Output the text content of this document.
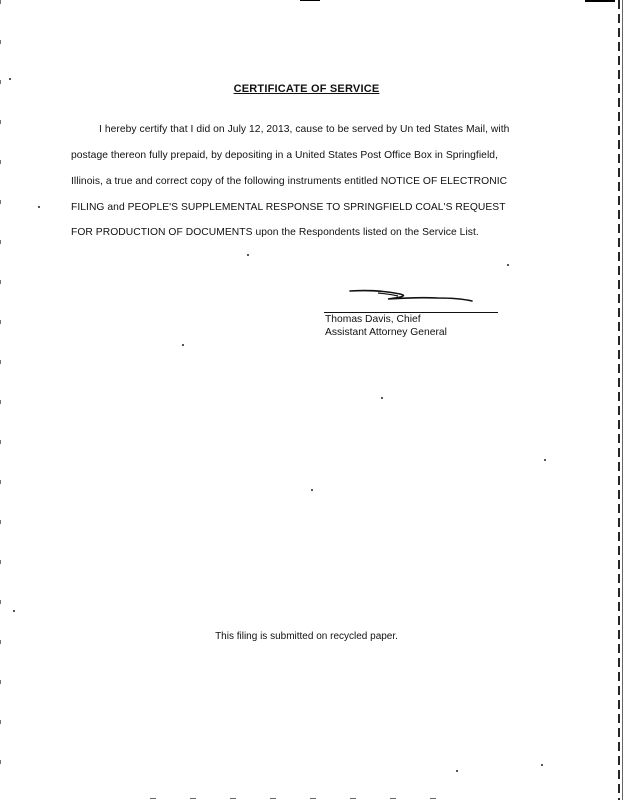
CERTIFICATE OF SERVICE
I hereby certify that I did on July 12, 2013, cause to be served by Un ted States Mail, with
postage thereon fully prepaid, by depositing in a United States Post Office Box in Springfield,
Illinois, a true and correct copy of the following instruments entitled NOTICE OF ELECTRONIC
FILING and PEOPLE'S SUPPLEMENTAL RESPONSE TO SPRINGFIELD COAL'S REQUEST
FOR PRODUCTION OF DOCUMENTS upon the Respondents listed on the Service List.
Thomas Davis, Chief
Assistant Attorney General
This filing is submitted on recycled paper.
